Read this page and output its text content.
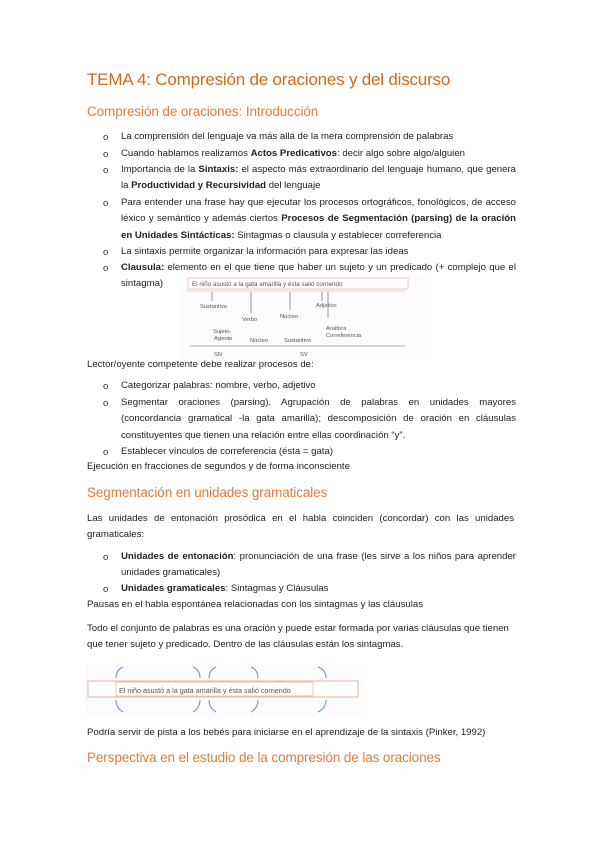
TEMA 4: Compresión de oraciones y del discurso
Compresión de oraciones: Introducción
o La comprensión del lenguaje va más allá de la mera comprensión de palabras
o Cuando hablamos realizamos Actos Predicativos: decir algo sobre algo/alguien
o Importancia de la Sintaxis: el aspecto más extraordinario del lenguaje humano, que genera la Productividad y Recursividad del lenguaje
o Para entender una frase hay que ejecutar los procesos ortográficos, fonológicos, de acceso léxico y semántico y además ciertos Procesos de Segmentación (parsing) de la oración en Unidades Sintácticas: Sintagmas o clausula y establecer correferencia
o La sintaxis permite organizar la información para expresar las ideas
o Clausula: elemento en el que tiene que haber un sujeto y un predicado (+ complejo que el sintagma)	El niño asustó a la gata amarilla y ésta salió corriendo
Sustantivo
Verbo
Adjetivo
Núcleo
Sujeto-Agente	Núcleo	Sustantivo
Anáfora Correferencia
SN	SV
Lector/oyente competente debe realizar procesos de:
o Categorizar palabras: nombre, verbo, adjetivo
o Segmentar oraciones (parsing). Agrupación de palabras en unidades mayores (concordancia gramatical -la gata amarilla); descomposición de oración en cláusulas constituyentes que tienen una relación entre ellas coordinación “y”.
o Establecer vínculos de correferencia (ésta = gata)
Ejecución en fracciones de segundos y de forma inconsciente
Segmentación en unidades gramaticales
Las unidades de entonación prosódica en el habla coinciden (concordar) con las unidades gramaticales:
o Unidades de entonación: pronunciación de una frase (les sirve a los niños para aprender unidades gramaticales)
o Unidades gramaticales: Sintagmas y Cláusulas
Pausas en el habla espontánea relacionadas con los sintagmas y las cláusulas
Todo el conjunto de palabras es una oración y puede estar formada por varias cláusulas que tienen que tener sujeto y predicado. Dentro de las cláusulas están los sintagmas.
El niño asustó a la gata amarilla y ésta salió corriendo
Podría servir de pista a los bebés para iniciarse en el aprendizaje de la sintaxis (Pinker, 1992)
Perspectiva en el estudio de la compresión de las oraciones
